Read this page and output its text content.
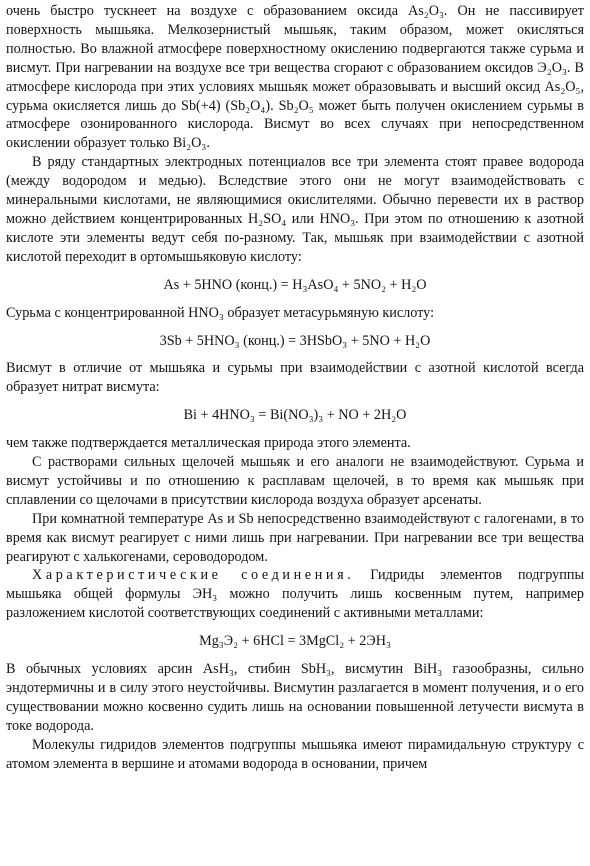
очень быстро тускнеет на воздухе с образованием оксида As₂O₃. Он не пассивирует поверхность мышьяка. Мелкозернистый мышьяк, таким образом, может окисляться полностью. Во влажной атмосфере поверхностному окислению подвергаются также сурьма и висмут. При нагревании на воздухе все три вещества сгорают с образованием оксидов Э₂O₃. В атмосфере кислорода при этих условиях мышьяк может образовывать и высший оксид As₂O₅, сурьма окисляется лишь до Sb(+4) (Sb₂O₄). Sb₂O₅ может быть получен окислением сурьмы в атмосфере озонированного кислорода. Висмут во всех случаях при непосредственном окислении образует только Bi₂O₃.

В ряду стандартных электродных потенциалов все три элемента стоят правее водорода (между водородом и медью). Вследствие этого они не могут взаимодействовать с минеральными кислотами, не являющимися окислителями. Обычно перевести их в раствор можно действием концентрированных H₂SO₄ или HNO₃. При этом по отношению к азотной кислоте эти элементы ведут себя по-разному. Так, мышьяк при взаимодействии с азотной кислотой переходит в ортомышьяковую кислоту:

As + 5HNO (конц.) = H₃AsO₄ + 5NO₂ + H₂O

Сурьма с концентрированной HNO₃ образует метасурьмяную кислоту:

3Sb + 5HNO₃ (конц.) = 3HSbO₃ + 5NO + H₂O

Висмут в отличие от мышьяка и сурьмы при взаимодействии с азотной кислотой всегда образует нитрат висмута:

Bi + 4HNO₃ = Bi(NO₃)₃ + NO + 2H₂O

чем также подтверждается металлическая природа этого элемента.

С растворами сильных щелочей мышьяк и его аналоги не взаимодействуют. Сурьма и висмут устойчивы и по отношению к расплавам щелочей, в то время как мышьяк при сплавлении со щелочами в присутствии кислорода воздуха образует арсенаты.

При комнатной температуре As и Sb непосредственно взаимодействуют с галогенами, в то время как висмут реагирует с ними лишь при нагревании. При нагревании все три вещества реагируют с халькогенами, сероводородом.

Характеристические соединения. Гидриды элементов подгруппы мышьяка общей формулы ЭH₃ можно получить лишь косвенным путем, например разложением кислотой соответствующих соединений с активными металлами:

Mg₃Э₂ + 6HCl = 3MgCl₂ + 2ЭH₃

В обычных условиях арсин AsH₃, стибин SbH₃, висмутин BiH₃ газообразны, сильно эндотермичны и в силу этого неустойчивы. Висмутин разлагается в момент получения, и о его существовании можно косвенно судить лишь на основании повышенной летучести висмута в токе водорода.

Молекулы гидридов элементов подгруппы мышьяка имеют пирамидальную структуру с атомом элемента в вершине и атомами водорода в основании, причем
